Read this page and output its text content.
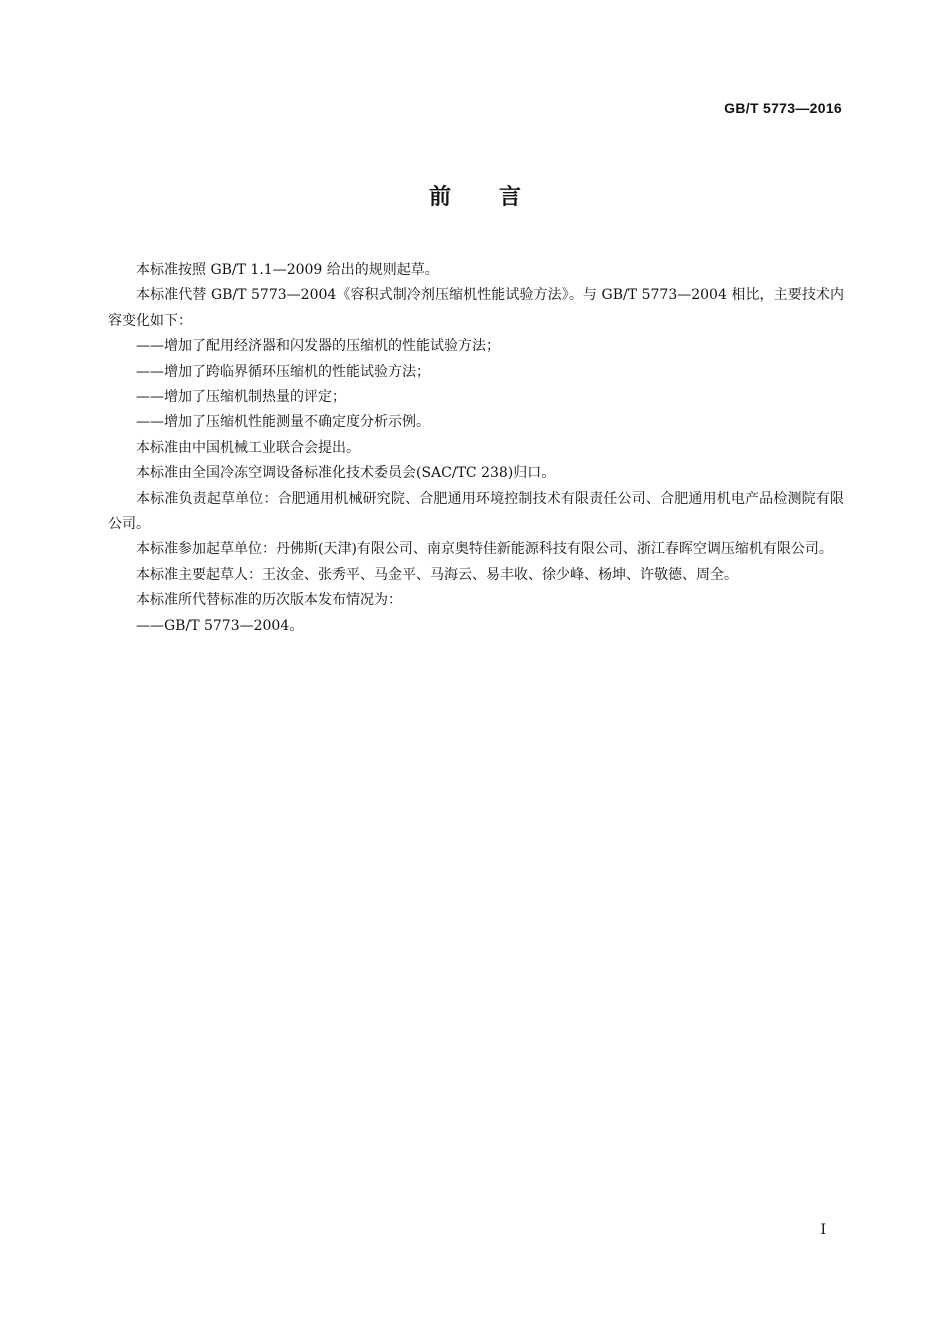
GB/T 5773—2016
前言

本标准按照 GB/T 1.1—2009 给出的规则起草。

本标准代替 GB/T 5773—2004《容积式制冷剂压缩机性能试验方法》。与 GB/T 5773—2004 相比，主要技术内容变化如下：

——增加了配用经济器和闪发器的压缩机的性能试验方法；

——增加了跨临界循环压缩机的性能试验方法；

——增加了压缩机制热量的评定；

——增加了压缩机性能测量不确定度分析示例。

本标准由中国机械工业联合会提出。

本标准由全国冷冻空调设备标准化技术委员会(SAC/TC 238)归口。

本标准负责起草单位：合肥通用机械研究院、合肥通用环境控制技术有限责任公司、合肥通用机电产品检测院有限公司。

本标准参加起草单位：丹佛斯(天津)有限公司、南京奥特佳新能源科技有限公司、浙江春晖空调压缩机有限公司。

本标准主要起草人：王汝金、张秀平、马金平、马海云、易丰收、徐少峰、杨坤、许敬德、周全。

本标准所代替标准的历次版本发布情况为：

——GB/T 5773—2004。

I
